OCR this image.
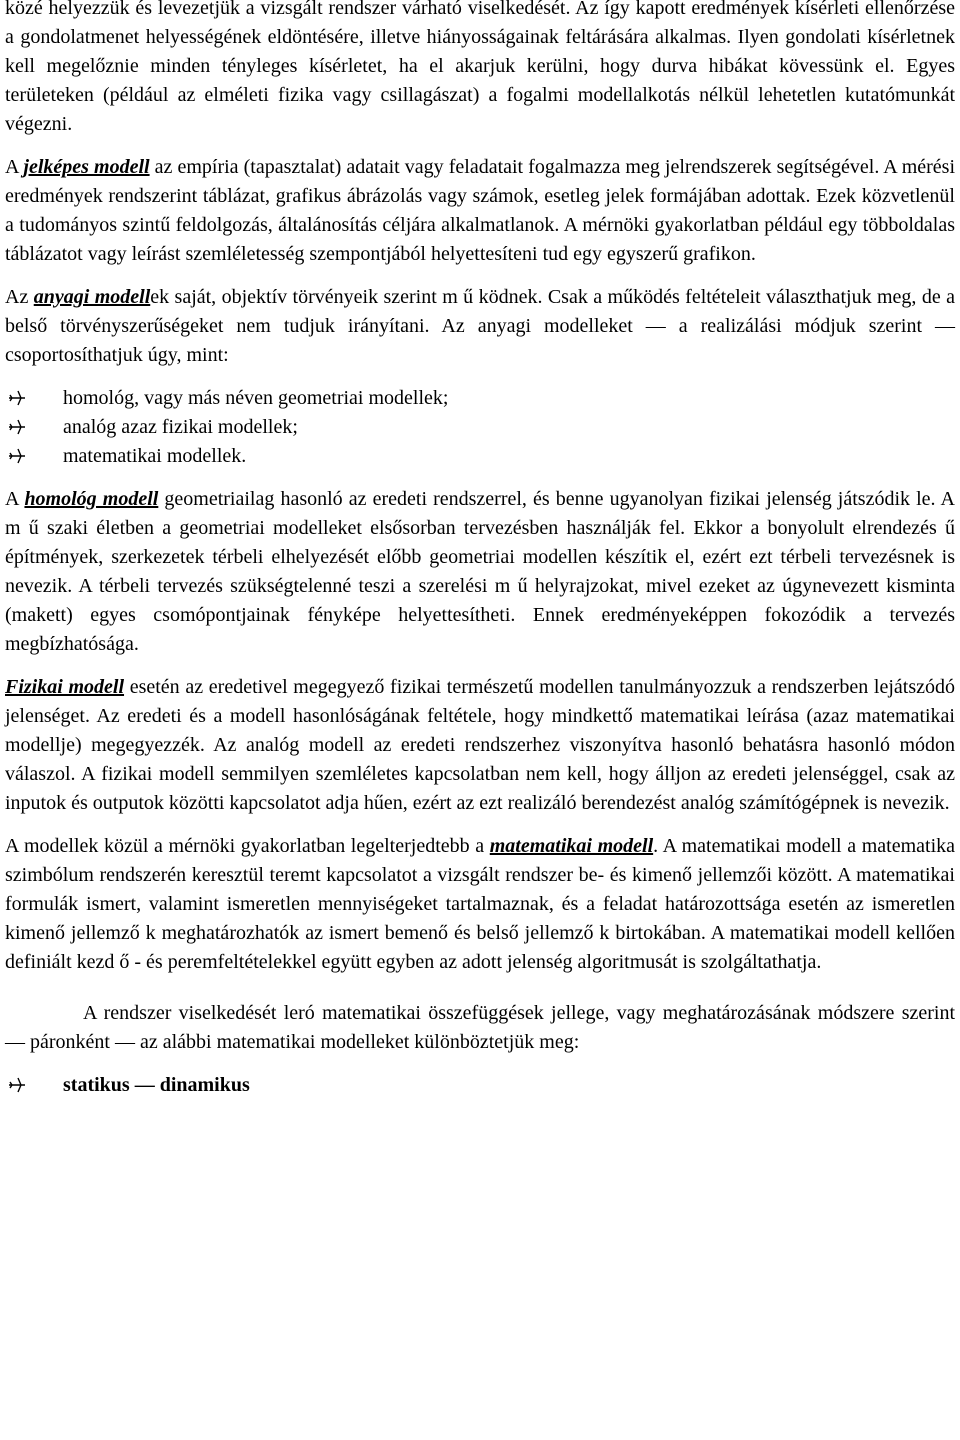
közé helyezzük és levezetjük a vizsgált rendszer várható viselkedését. Az így kapott eredmények kísérleti ellenőrzése a gondolatmenet helyességének eldöntésére, illetve hiányosságainak feltárására alkalmas. Ilyen gondolati kísérletnek kell megelőznie minden tényleges kísérletet, ha el akarjuk kerülni, hogy durva hibákat kövessünk el. Egyes területeken (például az elméleti fizika vagy csillagászat) a fogalmi modellalkotás nélkül lehetetlen kutatómunkát végezni.

A jelképes modell az empíria (tapasztalat) adatait vagy feladatait fogalmazza meg jelrendszerek segítségével. A mérési eredmények rendszerint táblázat, grafikus ábrázolás vagy számok, esetleg jelek formájában adottak. Ezek közvetlenül a tudományos szintű feldolgozás, általánosítás céljára alkalmatlanok. A mérnöki gyakorlatban például egy többoldalas táblázatot vagy leírást szemléletesség szempontjából helyettesíteni tud egy egyszerű grafikon.

Az anyagi modellek saját, objektív törvényeik szerint m ű ködnek. Csak a működés feltételeit választhatjuk meg, de a belső törvényszerűségeket nem tudjuk irányítani. Az anyagi modelleket — a realizálási módjuk szerint — csoportosíthatjuk úgy, mint:

homológ, vagy más néven geometriai modellek;
analóg azaz fizikai modellek;
matematikai modellek.

A homológ modell geometriailag hasonló az eredeti rendszerrel, és benne ugyanolyan fizikai jelenség játszódik le. A m ű szaki életben a geometriai modelleket elsősorban tervezésben használják fel. Ekkor a bonyolult elrendezés ű építmények, szerkezetek térbeli elhelyezését előbb geometriai modellen készítik el, ezért ezt térbeli tervezésnek is nevezik. A térbeli tervezés szükségtelenné teszi a szerelési m ű helyrajzokat, mivel ezeket az úgynevezett kisminta (makett) egyes csomópontjainak fényképe helyettesítheti. Ennek eredményeképpen fokozódik a tervezés megbízhatósága.

Fizikai modell esetén az eredetivel megegyező fizikai természetű modellen tanulmányozzuk a rendszerben lejátszódó jelenséget. Az eredeti és a modell hasonlóságának feltétele, hogy mindkettő matematikai leírása (azaz matematikai modellje) megegyezzék. Az analóg modell az eredeti rendszerhez viszonyítva hasonló behatásra hasonló módon válaszol. A fizikai modell semmilyen szemléletes kapcsolatban nem kell, hogy álljon az eredeti jelenséggel, csak az inputok és outputok közötti kapcsolatot adja hűen, ezért az ezt realizáló berendezést analóg számítógépnek is nevezik.

A modellek közül a mérnöki gyakorlatban legelterjedtebb a matematikai modell. A matematikai modell a matematika szimbólum rendszerén keresztül teremt kapcsolatot a vizsgált rendszer be- és kimenő jellemzői között. A matematikai formulák ismert, valamint ismeretlen mennyiségeket tartalmaznak, és a feladat határozottsága esetén az ismeretlen kimenő jellemző k meghatározhatók az ismert bemenő és belső jellemző k birtokában. A matematikai modell kellően definiált kezd ő - és peremfeltételekkel együtt egyben az adott jelenség algoritmusát is szolgáltathatja.

A rendszer viselkedését leró matematikai összefüggések jellege, vagy meghatározásának módszere szerint — páronként — az alábbi matematikai modelleket különböztetjük meg:

statikus — dinamikus
